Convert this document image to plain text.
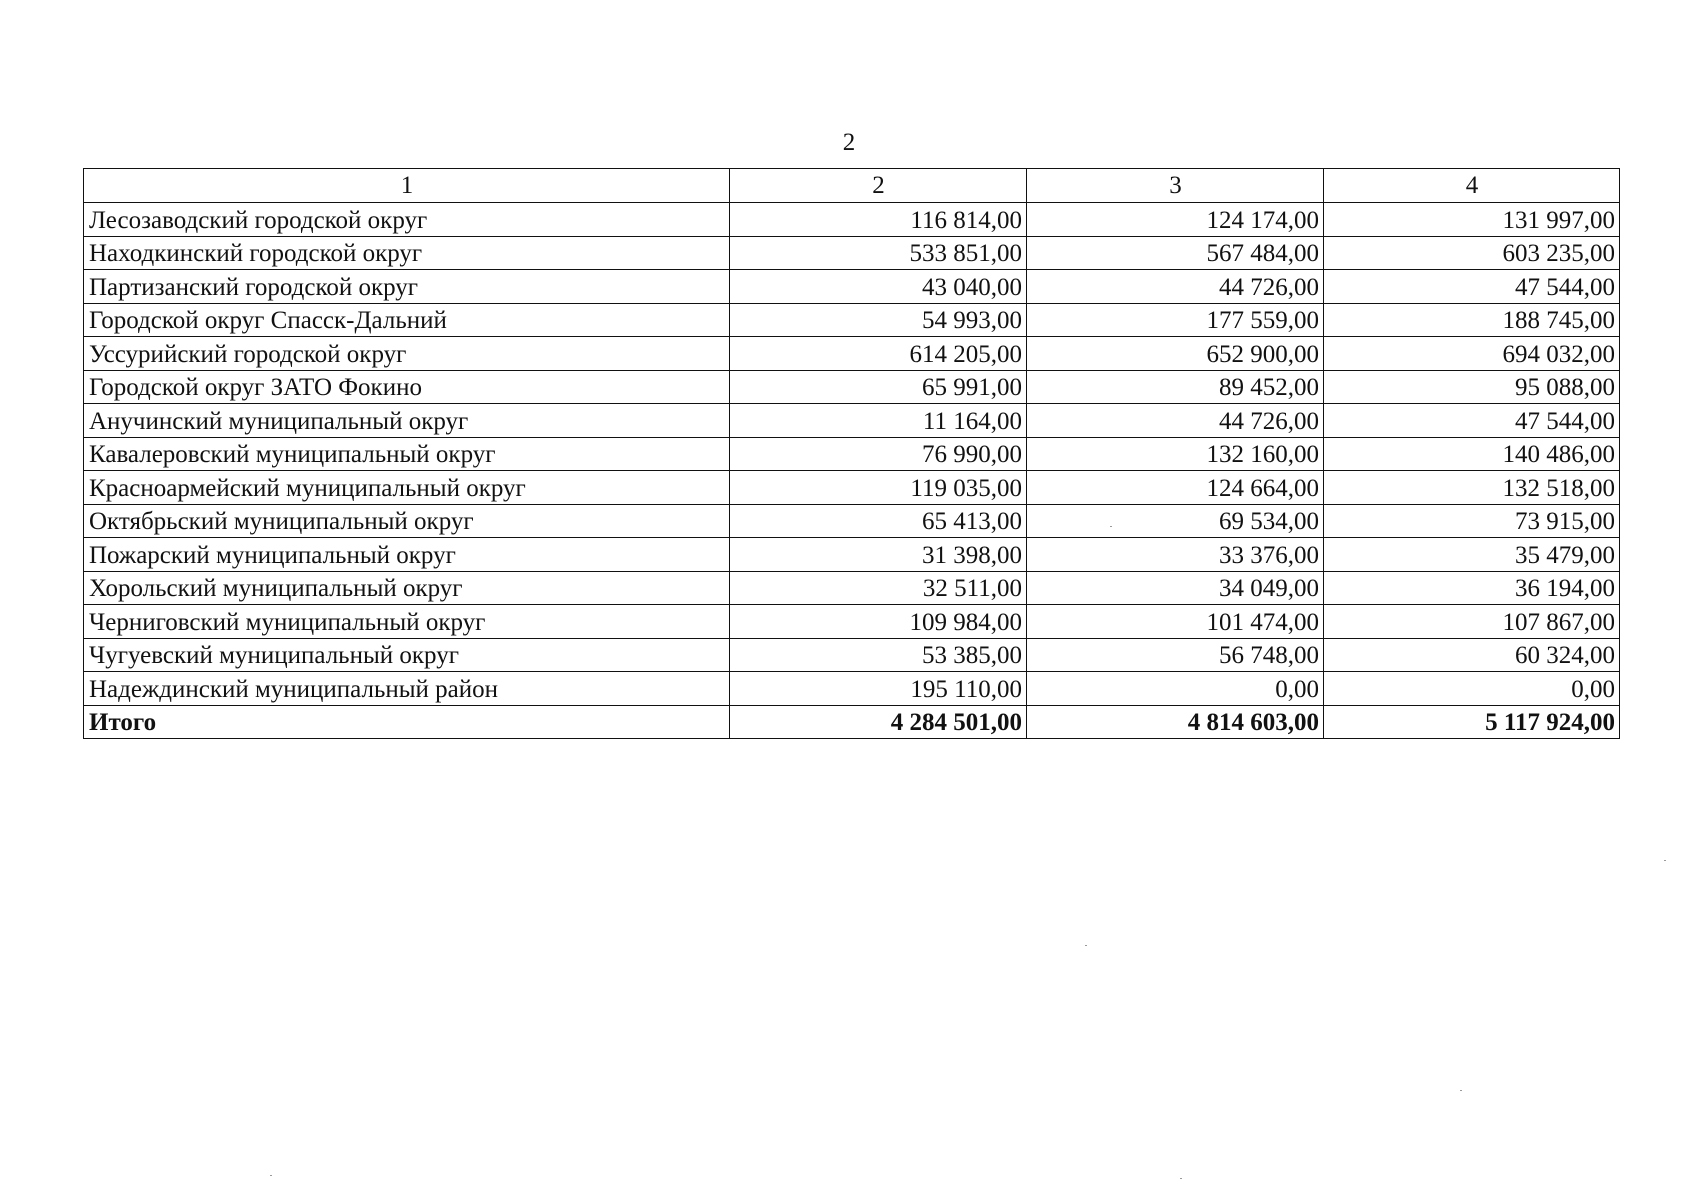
2
1	2	3	4
Лесозаводский городской округ	116 814,00	124 174,00	131 997,00
Находкинский городской округ	533 851,00	567 484,00	603 235,00
Партизанский городской округ	43 040,00	44 726,00	47 544,00
Городской округ Спасск-Дальний	54 993,00	177 559,00	188 745,00
Уссурийский городской округ	614 205,00	652 900,00	694 032,00
Городской округ ЗАТО Фокино	65 991,00	89 452,00	95 088,00
Анучинский муниципальный округ	11 164,00	44 726,00	47 544,00
Кавалеровский муниципальный округ	76 990,00	132 160,00	140 486,00
Красноармейский муниципальный округ	119 035,00	124 664,00	132 518,00
Октябрьский муниципальный округ	65 413,00	69 534,00	73 915,00
Пожарский муниципальный округ	31 398,00	33 376,00	35 479,00
Хорольский муниципальный округ	32 511,00	34 049,00	36 194,00
Черниговский муниципальный округ	109 984,00	101 474,00	107 867,00
Чугуевский муниципальный округ	53 385,00	56 748,00	60 324,00
Надеждинский муниципальный район	195 110,00	0,00	0,00
Итого	4 284 501,00	4 814 603,00	5 117 924,00
